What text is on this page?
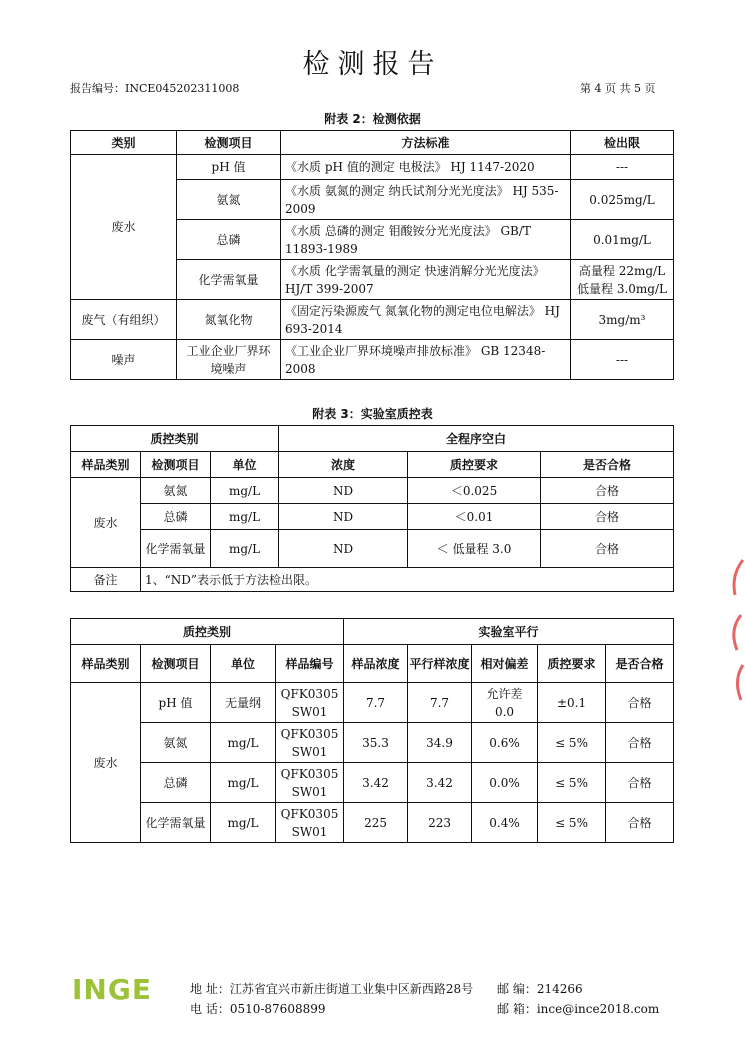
检测报告
报告编号：INCE045202311008	第 4 页 共 5 页
附表 2：检测依据
类别	检测项目	方法标准	检出限
废水	pH 值	《水质 pH 值的测定 电极法》 HJ 1147-2020	---
	氨氮	《水质 氨氮的测定 纳氏试剂分光光度法》 HJ 535-2009	0.025mg/L
	总磷	《水质 总磷的测定 钼酸铵分光光度法》 GB/T 11893-1989	0.01mg/L
	化学需氧量	《水质 化学需氧量的测定 快速消解分光光度法》HJ/T 399-2007	高量程 22mg/L 低量程 3.0mg/L
废气（有组织）	氮氧化物	《固定污染源废气 氮氧化物的测定电位电解法》 HJ 693-2014	3mg/m³
噪声	工业企业厂界环境噪声	《工业企业厂界环境噪声排放标准》 GB 12348-2008	---
附表 3：实验室质控表
质控类别			全程序空白		
样品类别	检测项目	单位	浓度	质控要求	是否合格
废水	氨氮	mg/L	ND	＜0.025	合格
	总磷	mg/L	ND	＜0.01	合格
	化学需氧量	mg/L	ND	＜ 低量程 3.0	合格
备注	1、“ND”表示低于方法检出限。				
质控类别				实验室平行				
样品类别	检测项目	单位	样品编号	样品浓度	平行样浓度	相对偏差	质控要求	是否合格
废水	pH 值	无量纲	QFK0305 SW01	7.7	7.7	允许差 0.0	±0.1	合格
	氨氮	mg/L	QFK0305 SW01	35.3	34.9	0.6%	≤ 5%	合格
	总磷	mg/L	QFK0305 SW01	3.42	3.42	0.0%	≤ 5%	合格
	化学需氧量	mg/L	QFK0305 SW01	225	223	0.4%	≤ 5%	合格
INGE	地 址：江苏省宜兴市新庄街道工业集中区新西路28号 邮 编：214266
电 话：0510-87608899	邮 箱：ince@ince2018.com
